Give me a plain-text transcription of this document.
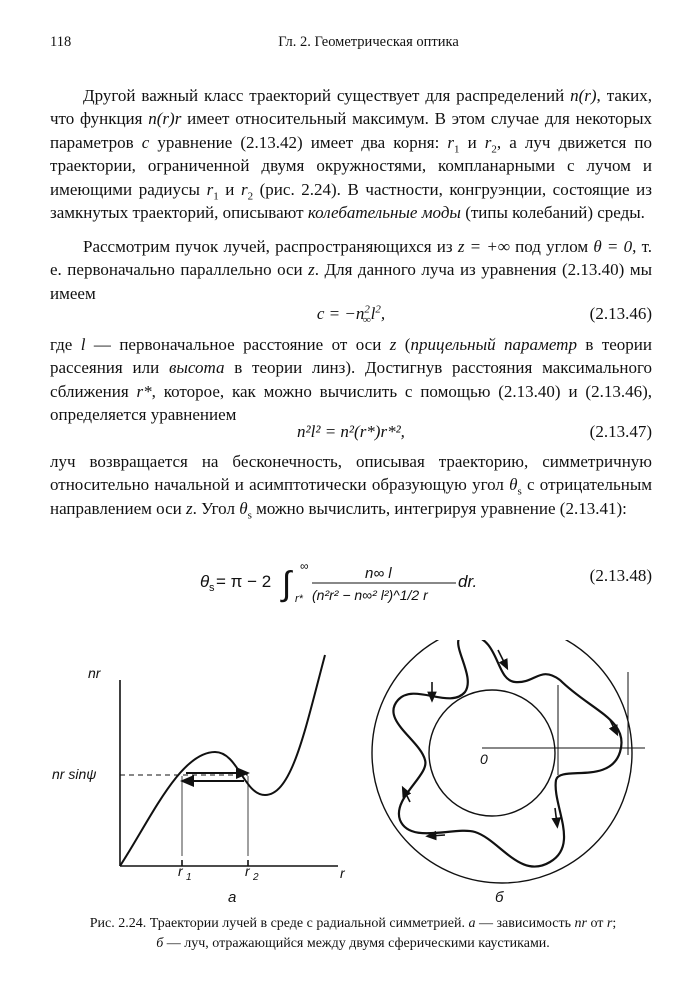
118	Гл. 2. Геометрическая оптика
Другой важный класс траекторий существует для распределений n(r), таких, что функция n(r)r имеет относительный максимум. В этом случае для некоторых параметров c уравнение (2.13.42) имеет два корня: $r_1$ и $r_2$, а луч движется по траектории, ограниченной двумя окружностями, компланарными с лучом и имеющими радиусы $r_1$ и $r_2$ (рис. 2.24). В частности, конгруэнции, состоящие из замкнутых траекторий, описывают колебательные моды (типы колебаний) среды.
Рассмотрим пучок лучей, распространяющихся из z = +∞ под углом θ = 0, т. е. первоначально параллельно оси z. Для данного луча из уравнения (2.13.40) мы имеем
$c = -n^2_\infty l^2$,	(2.13.46)
где l — первоначальное расстояние от оси z (прицельный параметр в теории рассеяния или высота в теории линз). Достигнув расстояния максимального сближения r*, которое, как можно вычислить с помощью (2.13.40) и (2.13.46), определяется уравнением
n²l² = n²(r*)r*²,	(2.13.47)
луч возвращается на бесконечность, описывая траекторию, симметричную относительно начальной и асимптотически образующую угол $\theta_s$ с отрицательным направлением оси z. Угол $\theta_s$ можно вычислить, интегрируя уравнение (2.13.41):
θ s = π − 2 ∫ ∞
r*
n∞ l
(n²r² − n∞² l²)^1/2 r
dr.	(2.13.48)
nr
nr sinψ
r 1	r 2	r
а
0
б
Рис. 2.24. Траектории лучей в среде с радиальной симметрией. а — зависимость nr от r;
б — луч, отражающийся между двумя сферическими каустиками.
